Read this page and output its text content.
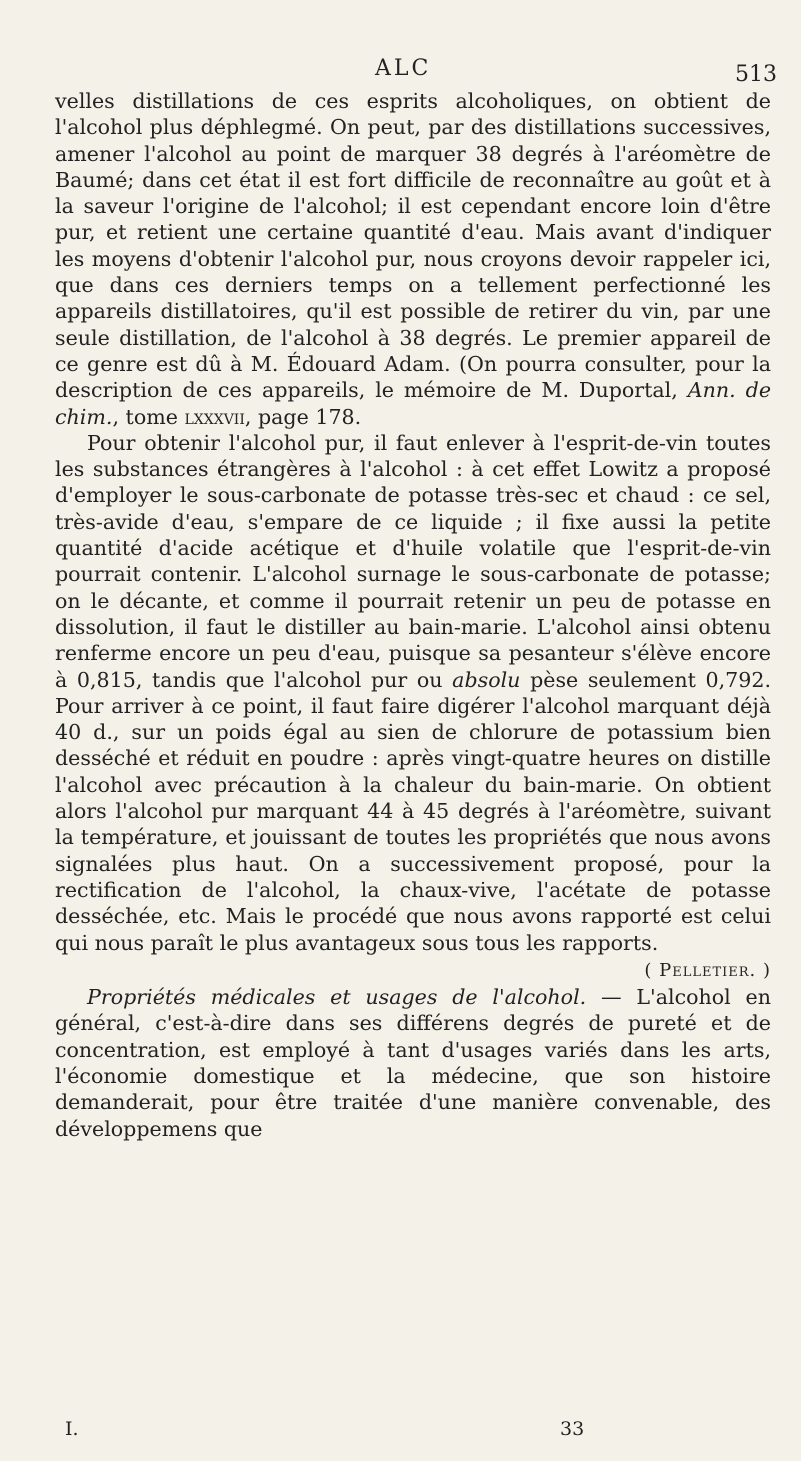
ALC	513

velles distillations de ces esprits alcoholiques, on obtient de l'alcohol plus déphlegmé. On peut, par des distillations successives, amener l'alcohol au point de marquer 38 degrés à l'aréomètre de Baumé; dans cet état il est fort difficile de reconnaître au goût et à la saveur l'origine de l'alcohol; il est cependant encore loin d'être pur, et retient une certaine quantité d'eau. Mais avant d'indiquer les moyens d'obtenir l'alcohol pur, nous croyons devoir rappeler ici, que dans ces derniers temps on a tellement perfectionné les appareils distillatoires, qu'il est possible de retirer du vin, par une seule distillation, de l'alcohol à 38 degrés. Le premier appareil de ce genre est dû à M. Édouard Adam. (On pourra consulter, pour la description de ces appareils, le mémoire de M. Duportal, Ann. de chim., tome lxxxvii, page 178.

Pour obtenir l'alcohol pur, il faut enlever à l'esprit-de-vin toutes les substances étrangères à l'alcohol : à cet effet Lowitz a proposé d'employer le sous-carbonate de potasse très-sec et chaud : ce sel, très-avide d'eau, s'empare de ce liquide ; il fixe aussi la petite quantité d'acide acétique et d'huile volatile que l'esprit-de-vin pourrait contenir. L'alcohol surnage le sous-carbonate de potasse; on le décante, et comme il pourrait retenir un peu de potasse en dissolution, il faut le distiller au bain-marie. L'alcohol ainsi obtenu renferme encore un peu d'eau, puisque sa pesanteur s'élève encore à 0,815, tandis que l'alcohol pur ou absolu pèse seulement 0,792. Pour arriver à ce point, il faut faire digérer l'alcohol marquant déjà 40 d., sur un poids égal au sien de chlorure de potassium bien desséché et réduit en poudre : après vingt-quatre heures on distille l'alcohol avec précaution à la chaleur du bain-marie. On obtient alors l'alcohol pur marquant 44 à 45 degrés à l'aréomètre, suivant la température, et jouissant de toutes les propriétés que nous avons signalées plus haut. On a successivement proposé, pour la rectification de l'alcohol, la chaux-vive, l'acétate de potasse desséchée, etc. Mais le procédé que nous avons rapporté est celui qui nous paraît le plus avantageux sous tous les rapports.

( Pelletier. )

Propriétés médicales et usages de l'alcohol. — L'alcohol en général, c'est-à-dire dans ses différens degrés de pureté et de concentration, est employé à tant d'usages variés dans les arts, l'économie domestique et la médecine, que son histoire demanderait, pour être traitée d'une manière convenable, des développemens que

I.	33
